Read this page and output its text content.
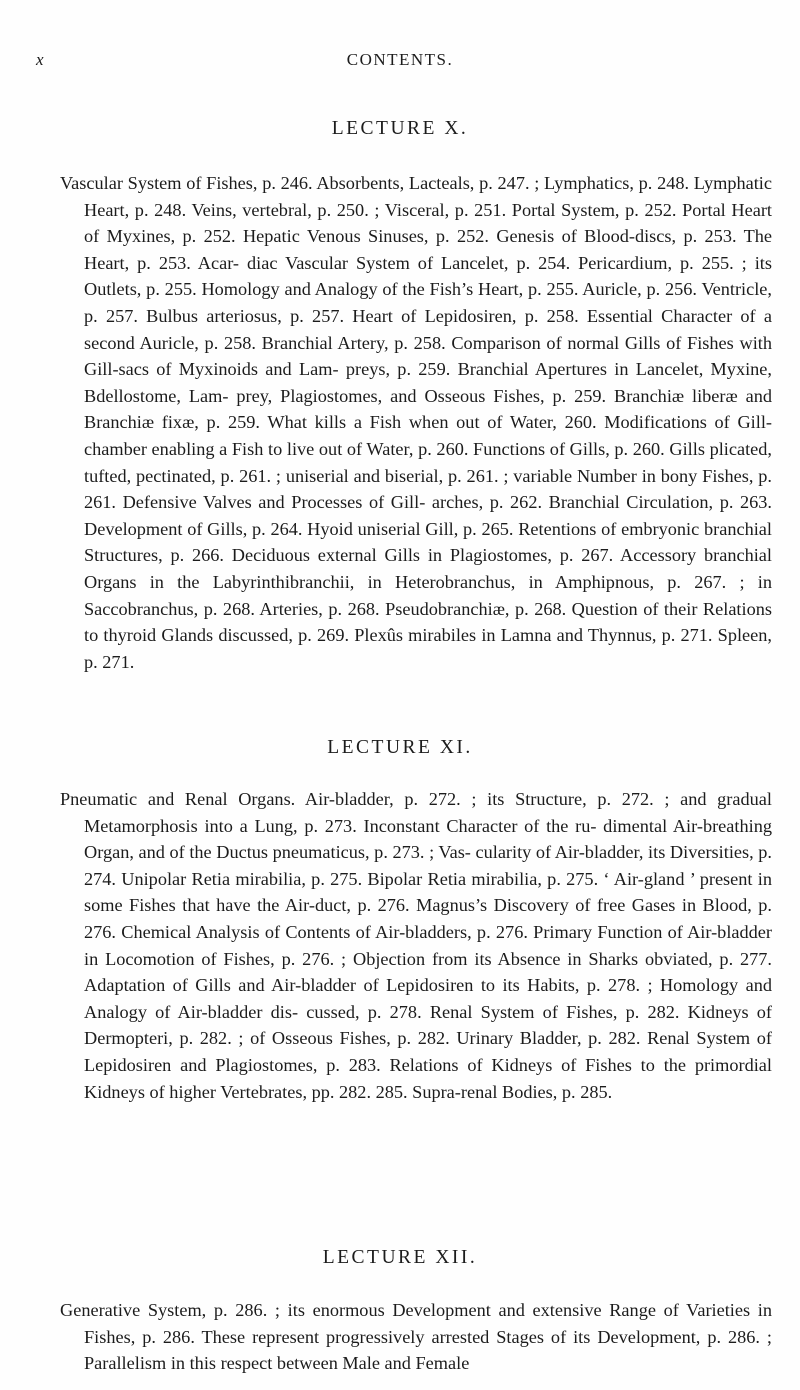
x	CONTENTS.
LECTURE X.

Vascular System of Fishes, p. 246. Absorbents, Lacteals, p. 247. ; Lymphatics, p. 248. Lymphatic Heart, p. 248. Veins, vertebral, p. 250. ; Visceral, p. 251. Portal System, p. 252. Portal Heart of Myxines, p. 252. Hepatic Venous Sinuses, p. 252. Genesis of Blood-discs, p. 253. The Heart, p. 253. Acar- diac Vascular System of Lancelet, p. 254. Pericardium, p. 255. ; its Outlets, p. 255. Homology and Analogy of the Fish’s Heart, p. 255. Auricle, p. 256. Ventricle, p. 257. Bulbus arteriosus, p. 257. Heart of Lepidosiren, p. 258. Essential Character of a second Auricle, p. 258. Branchial Artery, p. 258. Comparison of normal Gills of Fishes with Gill-sacs of Myxinoids and Lam- preys, p. 259. Branchial Apertures in Lancelet, Myxine, Bdellostome, Lam- prey, Plagiostomes, and Osseous Fishes, p. 259. Branchiæ liberæ and Branchiæ fixæ, p. 259. What kills a Fish when out of Water, 260. Modifications of Gill-chamber enabling a Fish to live out of Water, p. 260. Functions of Gills, p. 260. Gills plicated, tufted, pectinated, p. 261. ; uniserial and biserial, p. 261. ; variable Number in bony Fishes, p. 261. Defensive Valves and Processes of Gill- arches, p. 262. Branchial Circulation, p. 263. Development of Gills, p. 264. Hyoid uniserial Gill, p. 265. Retentions of embryonic branchial Structures, p. 266. Deciduous external Gills in Plagiostomes, p. 267. Accessory branchial Organs in the Labyrinthibranchii, in Heterobranchus, in Amphipnous, p. 267. ; in Saccobranchus, p. 268. Arteries, p. 268. Pseudobranchiæ, p. 268. Question of their Relations to thyroid Glands discussed, p. 269. Plexûs mirabiles in Lamna and Thynnus, p. 271. Spleen, p. 271.

LECTURE XI.

Pneumatic and Renal Organs. Air-bladder, p. 272. ; its Structure, p. 272. ; and gradual Metamorphosis into a Lung, p. 273. Inconstant Character of the ru- dimental Air-breathing Organ, and of the Ductus pneumaticus, p. 273. ; Vas- cularity of Air-bladder, its Diversities, p. 274. Unipolar Retia mirabilia, p. 275. Bipolar Retia mirabilia, p. 275. ‘ Air-gland ’ present in some Fishes that have the Air-duct, p. 276. Magnus’s Discovery of free Gases in Blood, p. 276. Chemical Analysis of Contents of Air-bladders, p. 276. Primary Function of Air-bladder in Locomotion of Fishes, p. 276. ; Objection from its Absence in Sharks obviated, p. 277. Adaptation of Gills and Air-bladder of Lepidosiren to its Habits, p. 278. ; Homology and Analogy of Air-bladder dis- cussed, p. 278. Renal System of Fishes, p. 282. Kidneys of Dermopteri, p. 282. ; of Osseous Fishes, p. 282. Urinary Bladder, p. 282. Renal System of Lepidosiren and Plagiostomes, p. 283. Relations of Kidneys of Fishes to the primordial Kidneys of higher Vertebrates, pp. 282. 285. Supra-renal Bodies, p. 285.

LECTURE XII.

Generative System, p. 286. ; its enormous Development and extensive Range of Varieties in Fishes, p. 286. These represent progressively arrested Stages of its Development, p. 286. ; Parallelism in this respect between Male and Female
